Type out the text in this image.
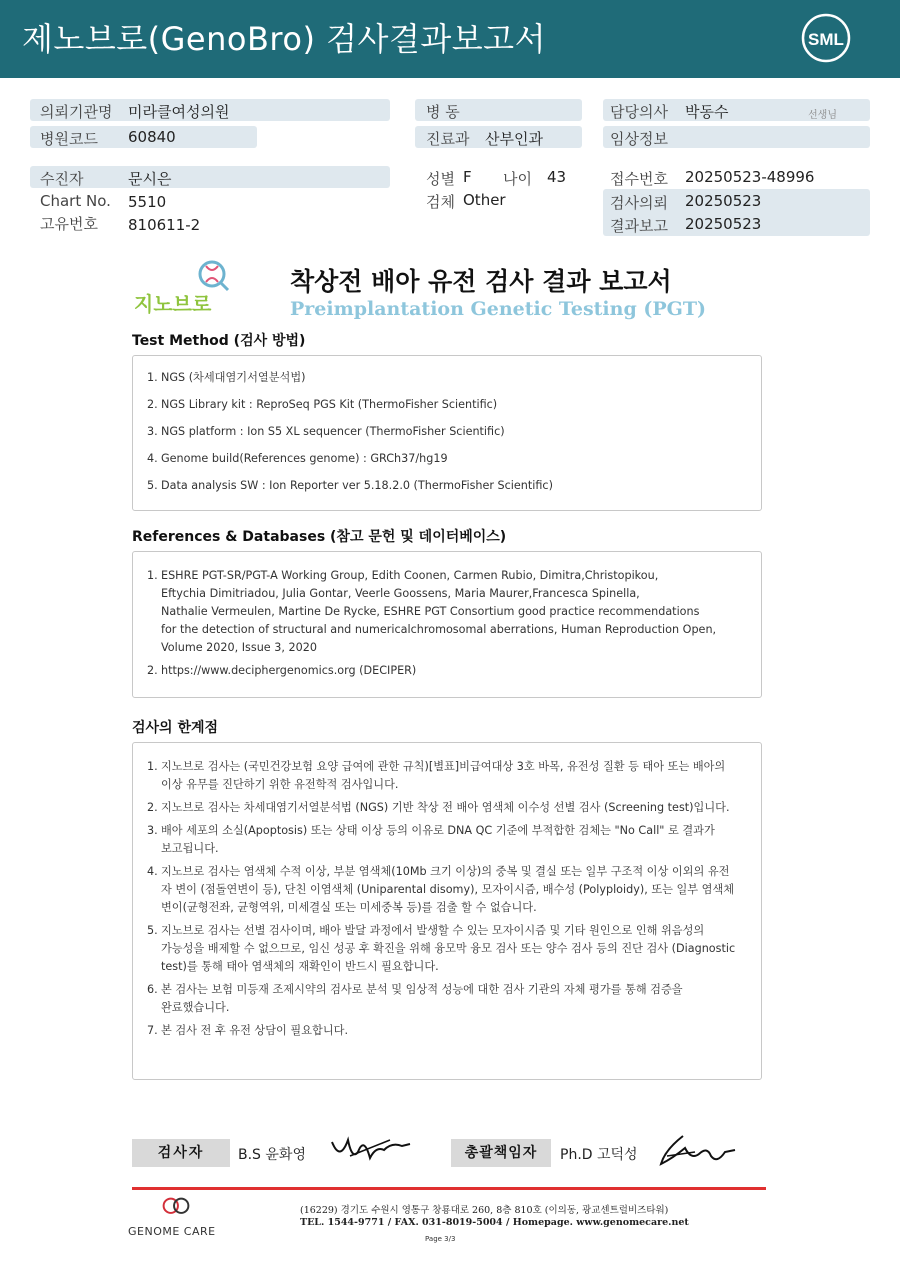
제노브로(GenoBro) 검사결과보고서	SML
의뢰기관명 미라클여성의원
병원코드 60840
수진자	문시은
Chart No. 5510
고유번호 810611-2
병 동
진료과 산부인과
성별 F 나이 43
검체 Other
담당의사 박동수	선생님
임상정보
접수번호 20250523-48996
검사의뢰 20250523
결과보고 20250523
지노브로
착상전 배아 유전 검사 결과 보고서
Preimplantation Genetic Testing (PGT)
Test Method (검사 방법)
1. NGS (차세대염기서열분석법)
2. NGS Library kit : ReproSeq PGS Kit (ThermoFisher Scientific)
3. NGS platform : Ion S5 XL sequencer (ThermoFisher Scientific)
4. Genome build(References genome) : GRCh37/hg19
5. Data analysis SW : Ion Reporter ver 5.18.2.0 (ThermoFisher Scientific)
References & Databases (참고 문헌 및 데이터베이스)
1. ESHRE PGT-SR/PGT-A Working Group, Edith Coonen, Carmen Rubio, Dimitra,Christopikou,
Eftychia Dimitriadou, Julia Gontar, Veerle Goossens, Maria Maurer,Francesca Spinella,
Nathalie Vermeulen, Martine De Rycke, ESHRE PGT Consortium good practice recommendations
for the detection of structural and numericalchromosomal aberrations, Human Reproduction Open,
Volume 2020, Issue 3, 2020
2. https://www.deciphergenomics.org (DECIPER)
검사의 한계점
1. 지노브로 검사는 (국민건강보험 요양 급여에 관한 규칙)[별표]비급여대상 3호 바목, 유전성 질환 등 태아 또는 배아의
이상 유무를 진단하기 위한 유전학적 검사입니다.
2. 지노브로 검사는 차세대염기서열분석법 (NGS) 기반 착상 전 배아 염색체 이수성 선별 검사 (Screening test)입니다.
3. 배아 세포의 소실(Apoptosis) 또는 상태 이상 등의 이유로 DNA QC 기준에 부적합한 검체는 "No Call" 로 결과가
보고됩니다.
4. 지노브로 검사는 염색체 수적 이상, 부분 염색체(10Mb 크기 이상)의 중복 및 결실 또는 일부 구조적 이상 이외의 유전
자 변이 (점돌연변이 등), 단친 이염색체 (Uniparental disomy), 모자이시즘, 배수성 (Polyploidy), 또는 일부 염색체
변이(균형전좌, 균형역위, 미세결실 또는 미세중복 등)를 검출 할 수 없습니다.
5. 지노브로 검사는 선별 검사이며, 배아 발달 과정에서 발생할 수 있는 모자이시즘 및 기타 원인으로 인해 위음성의
가능성을 배제할 수 없으므로, 임신 성공 후 확진을 위해 융모막 융모 검사 또는 양수 검사 등의 진단 검사 (Diagnostic
test)를 통해 태아 염색체의 재확인이 반드시 필요합니다.
6. 본 검사는 보험 미등재 조제시약의 검사로 분석 및 임상적 성능에 대한 검사 기관의 자체 평가를 통해 검증을
완료했습니다.
7. 본 검사 전 후 유전 상담이 필요합니다.
검사자	B.S 윤화영	총괄책임자	Ph.D 고덕성
GENOME CARE
(16229) 경기도 수원시 영통구 창룡대로 260, 8층 810호 (이의동, 광교센트럴비즈타워)
TEL. 1544-9771 / FAX. 031-8019-5004 / Homepage. www.genomecare.net
Page 3/3
